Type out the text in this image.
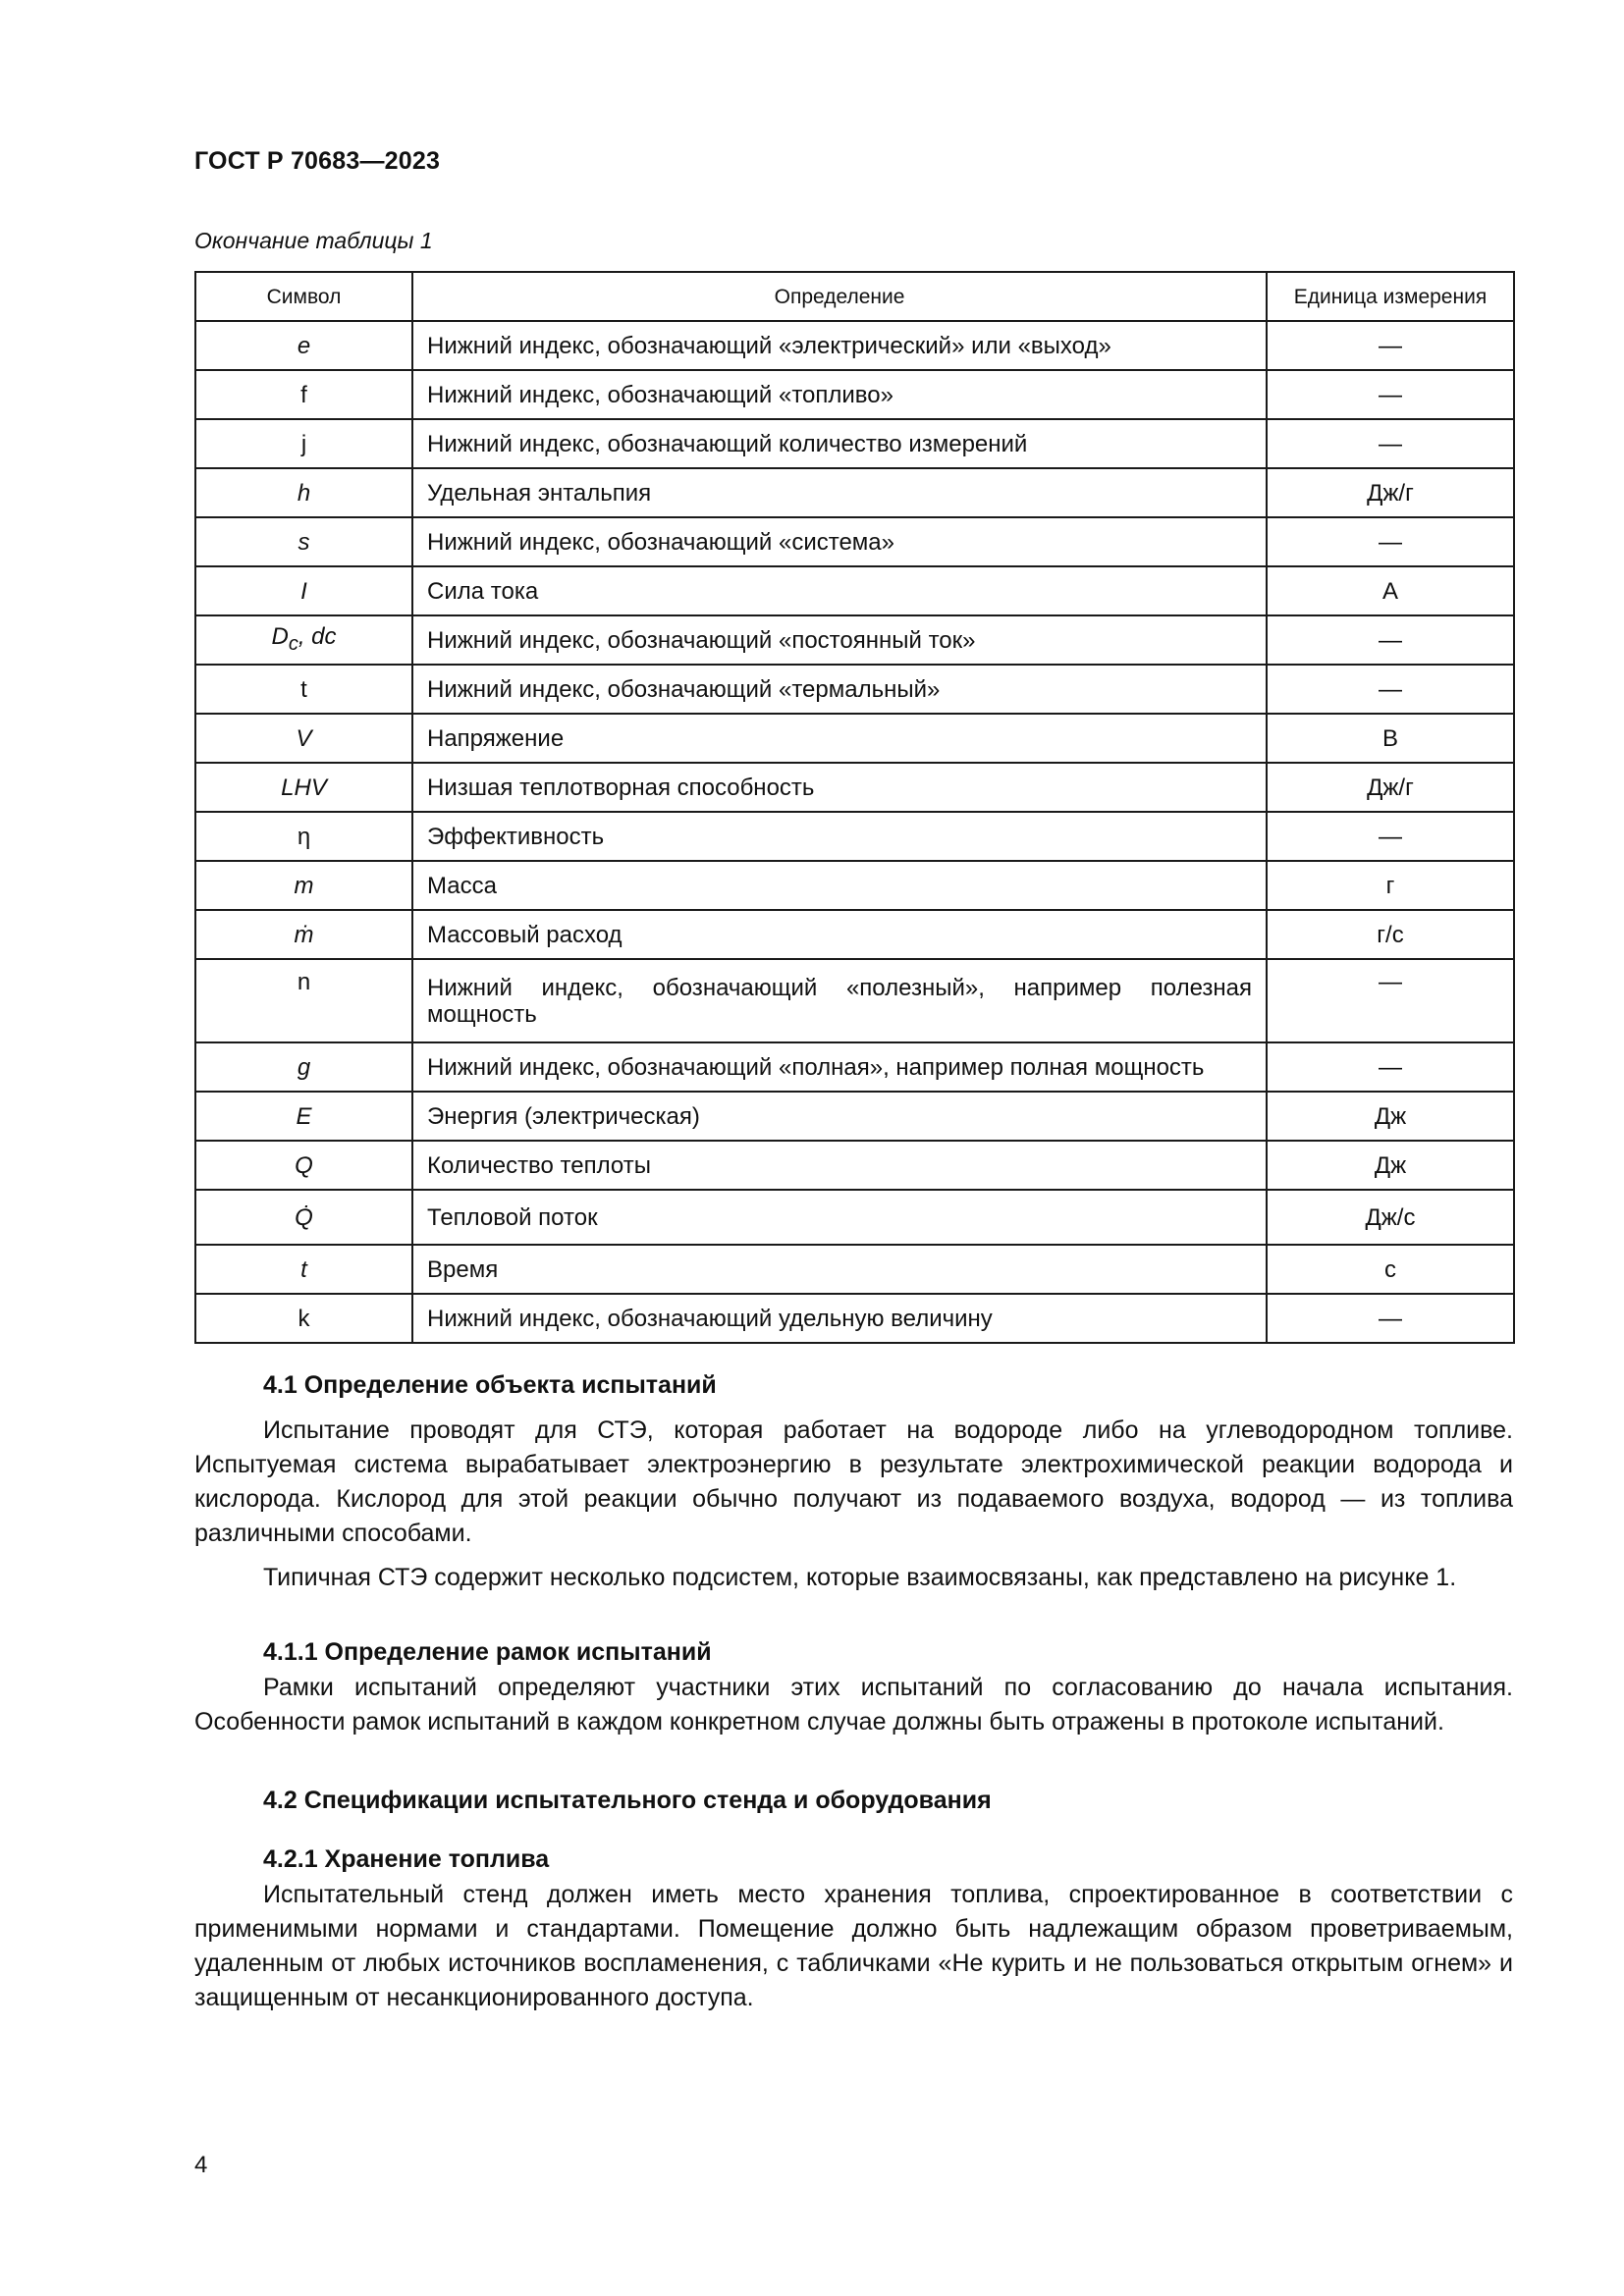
ГОСТ Р 70683—2023
Окончание таблицы 1
Символ	Определение	Единица измерения
e	Нижний индекс, обозначающий «электрический» или «выход»	—
f	Нижний индекс, обозначающий «топливо»	—
j	Нижний индекс, обозначающий количество измерений	—
h	Удельная энтальпия	Дж/г
s	Нижний индекс, обозначающий «система»	—
I	Сила тока	А
$D_c$, dc	Нижний индекс, обозначающий «постоянный ток»	—
t	Нижний индекс, обозначающий «термальный»	—
V	Напряжение	В
LHV	Низшая теплотворная способность	Дж/г
η	Эффективность	—
m	Масса	г
ṁ	Массовый расход	г/с
n	Нижний индекс, обозначающий «полезный», например полезная мощность	—
g	Нижний индекс, обозначающий «полная», например полная мощность	—
E	Энергия (электрическая)	Дж
Q	Количество теплоты	Дж
Q̇	Тепловой поток	Дж/с
t	Время	с
k	Нижний индекс, обозначающий удельную величину	—
4.1 Определение объекта испытаний
Испытание проводят для СТЭ, которая работает на водороде либо на углеводородном топливе. Испытуемая система вырабатывает электроэнергию в результате электрохимической реакции водорода и кислорода. Кислород для этой реакции обычно получают из подаваемого воздуха, водород — из топлива различными способами.
Типичная СТЭ содержит несколько подсистем, которые взаимосвязаны, как представлено на рисунке 1.
4.1.1 Определение рамок испытаний
Рамки испытаний определяют участники этих испытаний по согласованию до начала испытания. Особенности рамок испытаний в каждом конкретном случае должны быть отражены в протоколе испытаний.
4.2 Спецификации испытательного стенда и оборудования
4.2.1 Хранение топлива
Испытательный стенд должен иметь место хранения топлива, спроектированное в соответствии с применимыми нормами и стандартами. Помещение должно быть надлежащим образом проветриваемым, удаленным от любых источников воспламенения, с табличками «Не курить и не пользоваться открытым огнем» и защищенным от несанкционированного доступа.
4
